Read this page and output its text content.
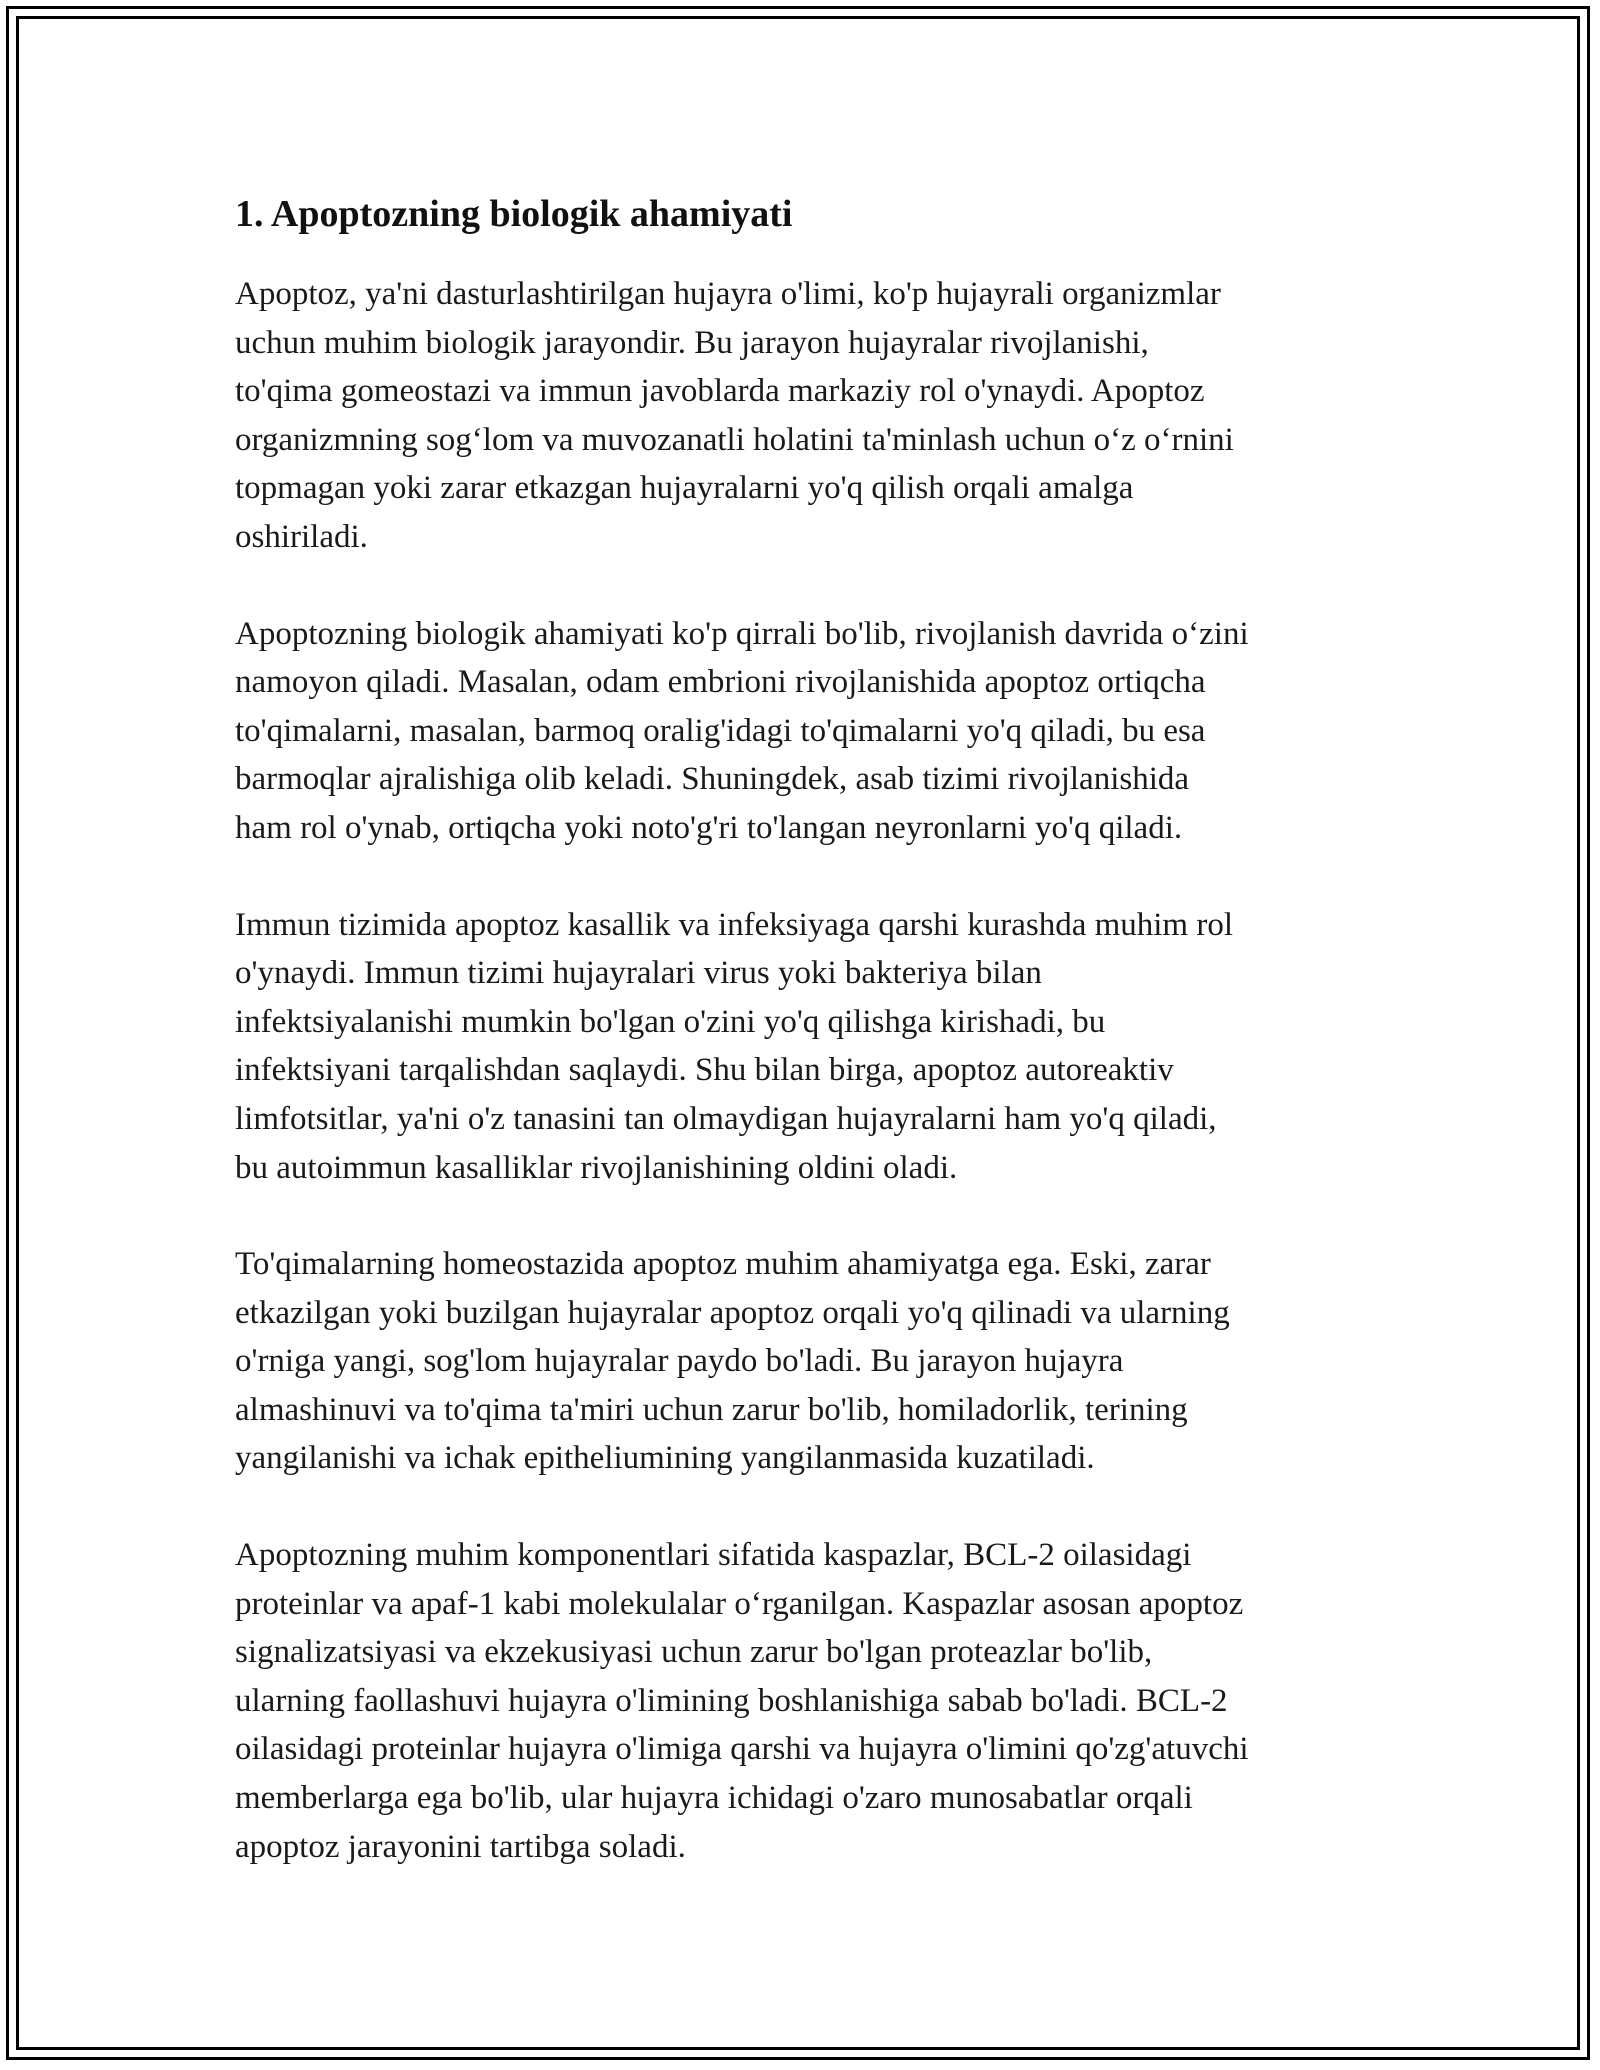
1. Apoptozning biologik ahamiyati

Apoptoz, ya'ni dasturlashtirilgan hujayra o'limi, ko'p hujayrali organizmlar
uchun muhim biologik jarayondir. Bu jarayon hujayralar rivojlanishi,
to'qima gomeostazi va immun javoblarda markaziy rol o'ynaydi. Apoptoz
organizmning sog‘lom va muvozanatli holatini ta'minlash uchun o‘z o‘rnini
topmagan yoki zarar etkazgan hujayralarni yo'q qilish orqali amalga
oshiriladi.

Apoptozning biologik ahamiyati ko'p qirrali bo'lib, rivojlanish davrida o‘zini
namoyon qiladi. Masalan, odam embrioni rivojlanishida apoptoz ortiqcha
to'qimalarni, masalan, barmoq oralig'idagi to'qimalarni yo'q qiladi, bu esa
barmoqlar ajralishiga olib keladi. Shuningdek, asab tizimi rivojlanishida
ham rol o'ynab, ortiqcha yoki noto'g'ri to'langan neyronlarni yo'q qiladi.

Immun tizimida apoptoz kasallik va infeksiyaga qarshi kurashda muhim rol
o'ynaydi. Immun tizimi hujayralari virus yoki bakteriya bilan
infektsiyalanishi mumkin bo'lgan o'zini yo'q qilishga kirishadi, bu
infektsiyani tarqalishdan saqlaydi. Shu bilan birga, apoptoz autoreaktiv
limfotsitlar, ya'ni o'z tanasini tan olmaydigan hujayralarni ham yo'q qiladi,
bu autoimmun kasalliklar rivojlanishining oldini oladi.

To'qimalarning homeostazida apoptoz muhim ahamiyatga ega. Eski, zarar
etkazilgan yoki buzilgan hujayralar apoptoz orqali yo'q qilinadi va ularning
o'rniga yangi, sog'lom hujayralar paydo bo'ladi. Bu jarayon hujayra
almashinuvi va to'qima ta'miri uchun zarur bo'lib, homiladorlik, terining
yangilanishi va ichak epitheliumining yangilanmasida kuzatiladi.

Apoptozning muhim komponentlari sifatida kaspazlar, BCL-2 oilasidagi
proteinlar va apaf-1 kabi molekulalar o‘rganilgan. Kaspazlar asosan apoptoz
signalizatsiyasi va ekzekusiyasi uchun zarur bo'lgan proteazlar bo'lib,
ularning faollashuvi hujayra o'limining boshlanishiga sabab bo'ladi. BCL-2
oilasidagi proteinlar hujayra o'limiga qarshi va hujayra o'limini qo'zg'atuvchi
memberlarga ega bo'lib, ular hujayra ichidagi o'zaro munosabatlar orqali
apoptoz jarayonini tartibga soladi.
